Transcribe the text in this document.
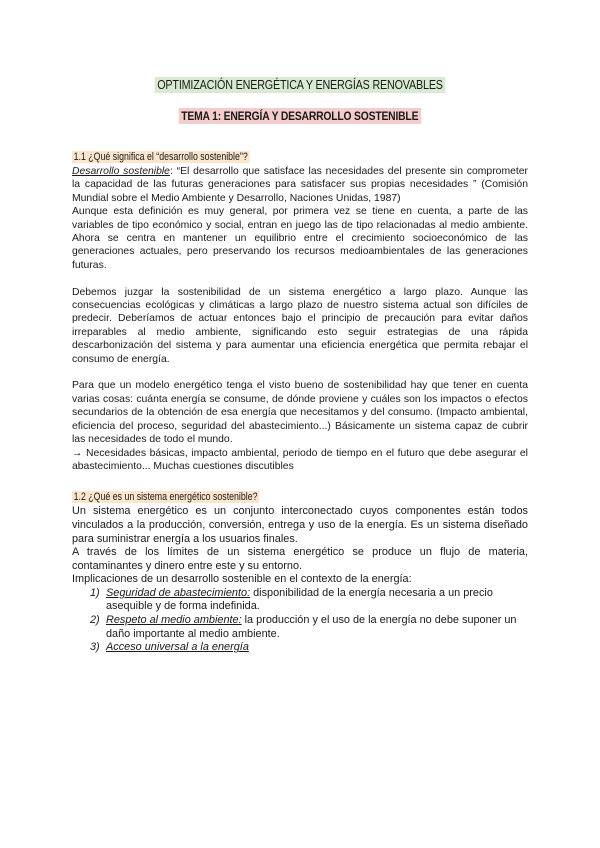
OPTIMIZACIÓN ENERGÉTICA Y ENERGÍAS RENOVABLES
TEMA 1: ENERGÍA Y DESARROLLO SOSTENIBLE
1.1 ¿Qué significa el “desarrollo sostenible”?

Desarrollo sostenible: “El desarrollo que satisface las necesidades del presente sin comprometer la capacidad de las futuras generaciones para satisfacer sus propias necesidades ” (Comisión Mundial sobre el Medio Ambiente y Desarrollo, Naciones Unidas, 1987)

Aunque esta definición es muy general, por primera vez se tiene en cuenta, a parte de las variables de tipo económico y social, entran en juego las de tipo relacionadas al medio ambiente. Ahora se centra en mantener un equilibrio entre el crecimiento socioeconómico de las generaciones actuales, pero preservando los recursos medioambientales de las generaciones futuras.

Debemos juzgar la sostenibilidad de un sistema energético a largo plazo. Aunque las consecuencias ecológicas y climáticas a largo plazo de nuestro sistema actual son difíciles de predecir. Deberíamos de actuar entonces bajo el principio de precaución para evitar daños irreparables al medio ambiente, significando esto seguir estrategias de una rápida descarbonización del sistema y para aumentar una eficiencia energética que permita rebajar el consumo de energía.

Para que un modelo energético tenga el visto bueno de sostenibilidad hay que tener en cuenta varias cosas: cuánta energía se consume, de dónde proviene y cuáles son los impactos o efectos secundarios de la obtención de esa energía que necesitamos y del consumo. (Impacto ambiental, eficiencia del proceso, seguridad del abastecimiento...) Básicamente un sistema capaz de cubrir las necesidades de todo el mundo.

→ Necesidades básicas, impacto ambiental, periodo de tiempo en el futuro que debe asegurar el abastecimiento... Muchas cuestiones discutibles

1.2 ¿Qué es un sistema energético sostenible?

Un sistema energético es un conjunto interconectado cuyos componentes están todos vinculados a la producción, conversión, entrega y uso de la energía. Es un sistema diseñado para suministrar energía a los usuarios finales.

A través de los límites de un sistema energético se produce un flujo de materia, contaminantes y dinero entre este y su entorno.

Implicaciones de un desarrollo sostenible en el contexto de la energía:

1) Seguridad de abastecimiento: disponibilidad de la energía necesaria a un precio asequible y de forma indefinida.
2) Respeto al medio ambiente: la producción y el uso de la energía no debe suponer un daño importante al medio ambiente.
3) Acceso universal a la energía
